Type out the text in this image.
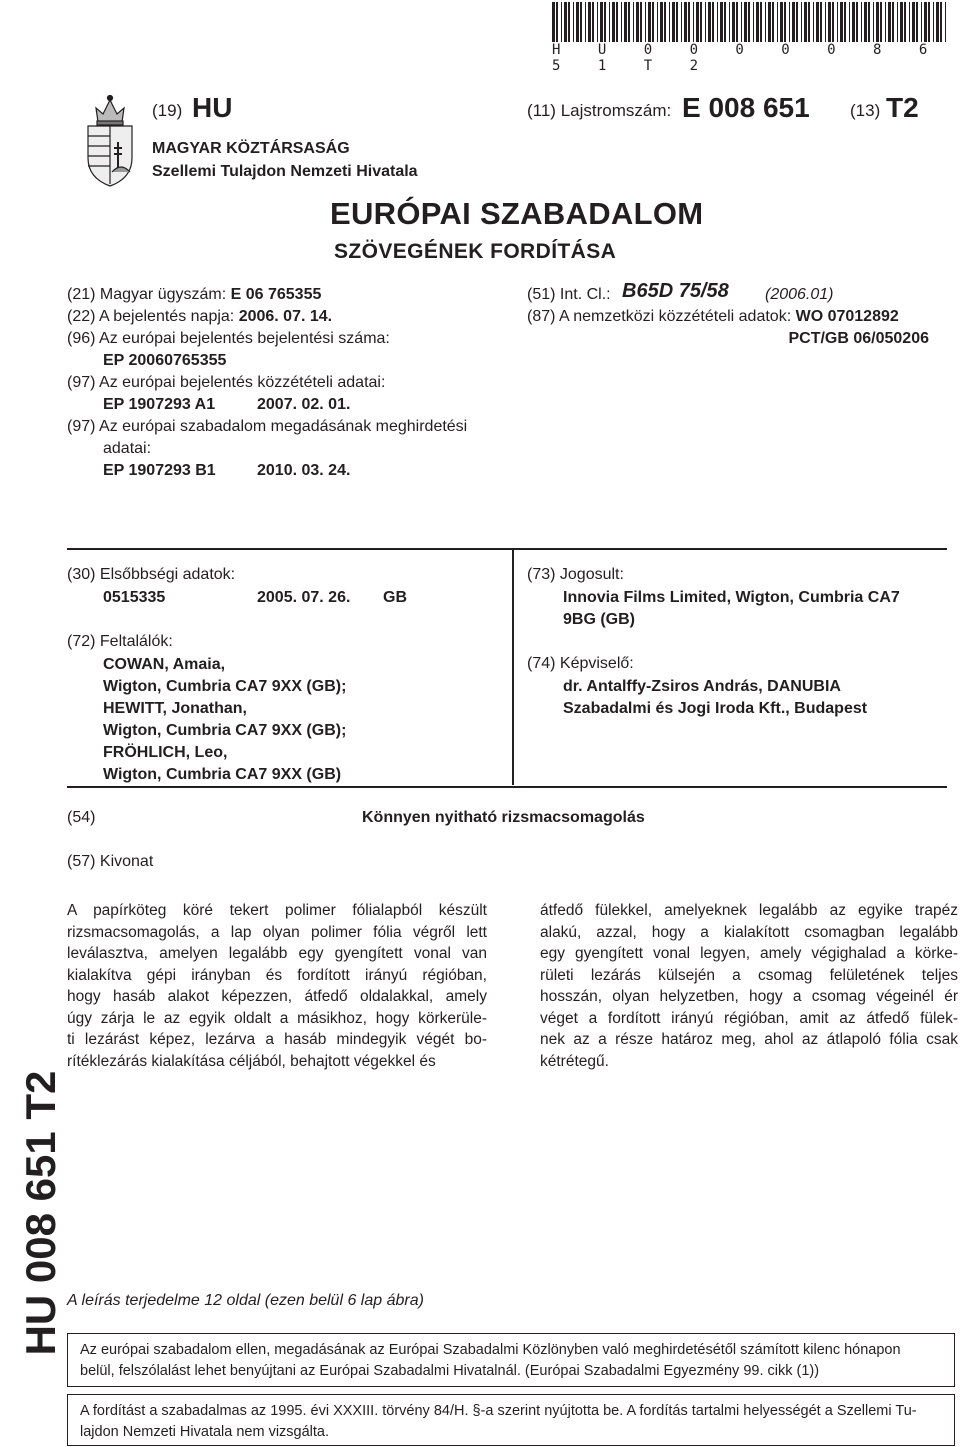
H U 0 0 0 0 0 8 6 5 1 T 2
(19) HU	(11) Lajstromszám: E 008 651 (13) T2
MAGYAR KÖZTÁRSASÁG
Szellemi Tulajdon Nemzeti Hivatala
EURÓPAI SZABADALOM
SZÖVEGÉNEK FORDÍTÁSA
(21) Magyar ügyszám: E 06 765355
(22) A bejelentés napja: 2006. 07. 14.
(96) Az európai bejelentés bejelentési száma:
EP 20060765355
(97) Az európai bejelentés közzétételi adatai:
EP 1907293 A1	2007. 02. 01.
(97) Az európai szabadalom megadásának meghirdetési
adatai:
EP 1907293 B1	2010. 03. 24.
(51) Int. Cl.: B65D 75/58 (2006.01)
(87) A nemzetközi közzétételi adatok: WO 07012892
PCT/GB 06/050206
(30) Elsőbbségi adatok:
0515335	2005. 07. 26. GB
(72) Feltalálók:
COWAN, Amaia,
Wigton, Cumbria CA7 9XX (GB);
HEWITT, Jonathan,
Wigton, Cumbria CA7 9XX (GB);
FRÖHLICH, Leo,
Wigton, Cumbria CA7 9XX (GB)
(73) Jogosult:
Innovia Films Limited, Wigton, Cumbria CA7
9BG (GB)
(74) Képviselő:
dr. Antalffy-Zsiros András, DANUBIA
Szabadalmi és Jogi Iroda Kft., Budapest
(54)	Könnyen nyitható rizsmacsomagolás
(57) Kivonat
A papírköteg köré tekert polimer fólialapból készült
rizsmacsomagolás, a lap olyan polimer fólia végről lett
leválasztva, amelyen legalább egy gyengített vonal van
kialakítva gépi irányban és fordított irányú régióban,
hogy hasáb alakot képezzen, átfedő oldalakkal, amely
úgy zárja le az egyik oldalt a másikhoz, hogy körkerüle-
ti lezárást képez, lezárva a hasáb mindegyik végét bo-
rítéklezárás kialakítása céljából, behajtott végekkel és
átfedő fülekkel, amelyeknek legalább az egyike trapéz
alakú, azzal, hogy a kialakított csomagban legalább
egy gyengített vonal legyen, amely végighalad a körke-
rületi lezárás külsején a csomag felületének teljes
hosszán, olyan helyzetben, hogy a csomag végeinél ér
véget a fordított irányú régióban, amit az átfedő fülek-
nek az a része határoz meg, ahol az átlapoló fólia csak
kétrétegű.
HU 008 651 T2 A leírás terjedelme 12 oldal (ezen belül 6 lap ábra)
Az európai szabadalom ellen, megadásának az Európai Szabadalmi Közlönyben való meghirdetésétől számított kilenc hónapon
belül, felszólalást lehet benyújtani az Európai Szabadalmi Hivatalnál. (Európai Szabadalmi Egyezmény 99. cikk (1))
A fordítást a szabadalmas az 1995. évi XXXIII. törvény 84/H. §-a szerint nyújtotta be. A fordítás tartalmi helyességét a Szellemi Tu-
lajdon Nemzeti Hivatala nem vizsgálta.
